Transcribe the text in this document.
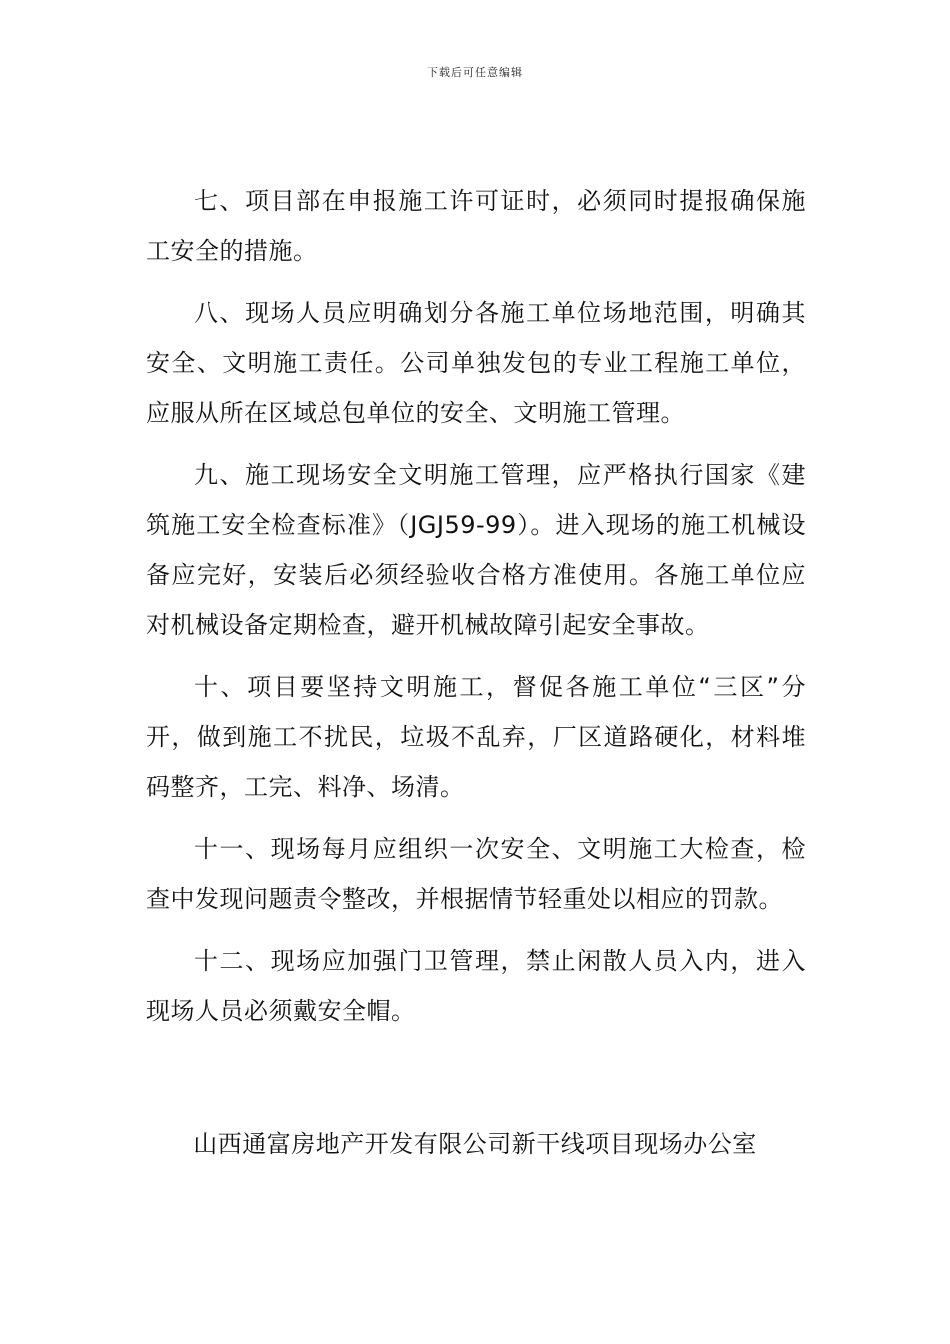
下载后可任意编辑

七、项目部在申报施工许可证时，必须同时提报确保施工安全的措施。

八、现场人员应明确划分各施工单位场地范围，明确其安全、文明施工责任。公司单独发包的专业工程施工单位，应服从所在区域总包单位的安全、文明施工管理。

九、施工现场安全文明施工管理，应严格执行国家《建筑施工安全检查标准》（JGJ59-99）。进入现场的施工机械设备应完好，安装后必须经验收合格方准使用。各施工单位应对机械设备定期检查，避开机械故障引起安全事故。

十、项目要坚持文明施工，督促各施工单位“三区”分开，做到施工不扰民，垃圾不乱弃，厂区道路硬化，材料堆码整齐，工完、料净、场清。

十一、现场每月应组织一次安全、文明施工大检查，检查中发现问题责令整改，并根据情节轻重处以相应的罚款。

十二、现场应加强门卫管理，禁止闲散人员入内，进入现场人员必须戴安全帽。

山西通富房地产开发有限公司新干线项目现场办公室
